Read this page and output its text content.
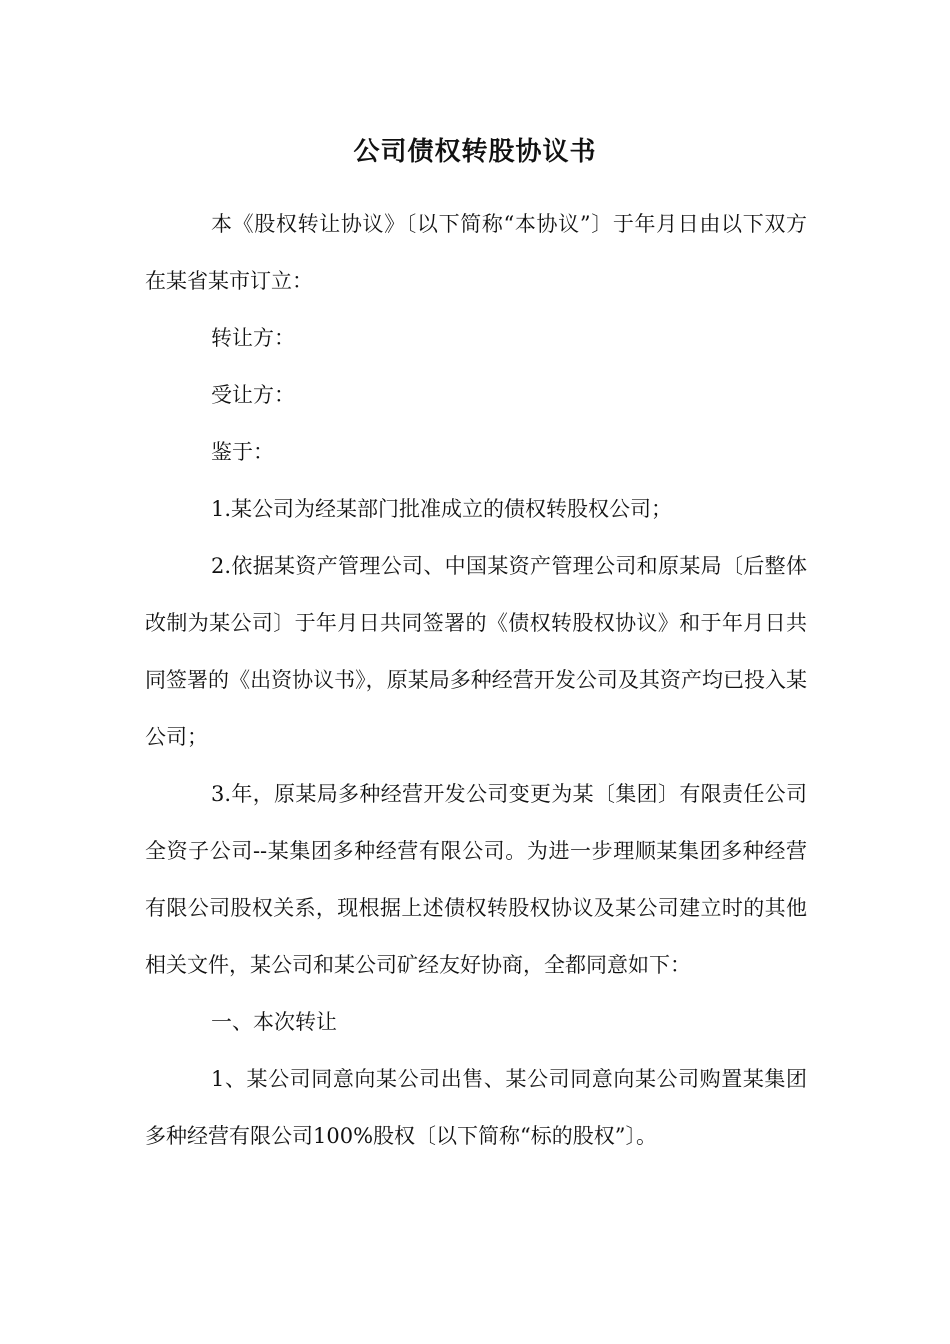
公司债权转股协议书

本《股权转让协议》〔以下简称“本协议”〕于年月日由以下双方在某省某市订立：

转让方：

受让方：

鉴于：

1.某公司为经某部门批准成立的债权转股权公司；

2.依据某资产管理公司、中国某资产管理公司和原某局〔后整体改制为某公司〕于年月日共同签署的《债权转股权协议》和于年月日共同签署的《出资协议书》，原某局多种经营开发公司及其资产均已投入某公司；

3.年，原某局多种经营开发公司变更为某〔集团〕有限责任公司全资子公司--某集团多种经营有限公司。为进一步理顺某集团多种经营有限公司股权关系，现根据上述债权转股权协议及某公司建立时的其他相关文件，某公司和某公司矿经友好协商，全都同意如下：

一、本次转让

1、某公司同意向某公司出售、某公司同意向某公司购置某集团多种经营有限公司100%股权〔以下简称“标的股权”〕。
